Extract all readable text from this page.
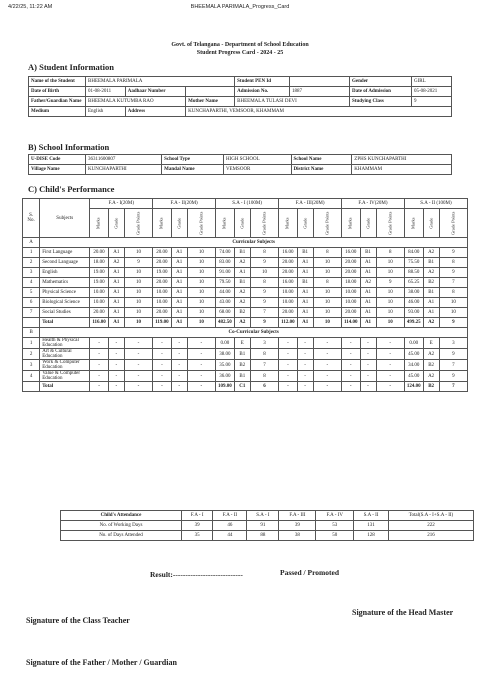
4/22/25, 11:22 AM	BHEEMALA PARIMALA_Progress_Card
Govt. of Telangana - Department of School Education
Student Progress Card - 2024 - 25
A) Student Information
Name of the Student	BHEEMALA PARIMALA			Student PEN Id		Gender	GIRL
Date of Birth	01-08-2011	Aadhaar Number		Admission No.	1887	Date of Admission	05-08-2021
Father/Guardian Name	BHEEMALA KUTUMBA RAO		Mother Name	BHEEMALA TULASI DEVI		Studying Class	9
Medium	English	Address	KUNCHAPARTHI, VEMSOOR, KHAMMAM				
B) School Information
U-DISE Code	36311600807	School Type	HIGH SCHOOL	School Name	ZPHS KUNCHAPARTHI
Village Name	KUNCHAPARTHI	Mandal Name	VEMSOOR	District Name	KHAMMAM
C) Child's Performance
S. No.	Subjects	F.A - I(20M)			F.A - II(20M)			S.A - I (100M)			F.A - III(20M)			F.A - IV(20M)			S.A - II (100M)		
		Marks	Grade	Grade Points	Marks	Grade	Grade Points	Marks	Grade	Grade Points	Marks	Grade	Grade Points	Marks	Grade	Grade Points	Marks	Grade	Grade Points
A	Curricular Subjects																		
1	First Language	20.00	A1	10	20.00	A1	10	74.00	B1	8	16.00	B1	8	16.00	B1	8	84.00	A2	9
2	Second Language	18.00	A2	9	20.00	A1	10	83.00	A2	9	20.00	A1	10	20.00	A1	10	75.50	B1	8
3	English	19.00	A1	10	19.00	A1	10	91.00	A1	10	20.00	A1	10	20.00	A1	10	88.50	A2	9
4	Mathematics	19.00	A1	10	20.00	A1	10	79.50	B1	8	16.00	B1	8	18.00	A2	9	65.25	B2	7
5	Physical Science	10.00	A1	10	10.00	A1	10	44.00	A2	9	10.00	A1	10	10.00	A1	10	38.00	B1	8
6	Biological Science	10.00	A1	10	10.00	A1	10	43.00	A2	9	10.00	A1	10	10.00	A1	10	46.00	A1	10
7	Social Studies	20.00	A1	10	20.00	A1	10	68.00	B2	7	20.00	A1	10	20.00	A1	10	93.00	A1	10
	Total	116.00	A1	10	119.00	A1	10	482.50	A2	9	112.00	A1	10	114.00	A1	10	499.25	A2	9
B	Co-Curricular Subjects																		
1	Health & Physical Education	-	-	-	-	-	-	0.00	E	3	-	-	-	-	-	-	0.00	E	3
2	Art & Cultural Education	-	-	-	-	-	-	38.00	B1	8	-	-	-	-	-	-	45.00	A2	9
3	Work & Computer Education	-	-	-	-	-	-	35.00	B2	7	-	-	-	-	-	-	34.00	B2	7
4	Value & Computer Education	-	-	-	-	-	-	36.00	B1	8	-	-	-	-	-	-	45.00	A2	9
	Total	-	-	-	-	-	-	109.00	C1	6	-	-	-	-	-	-	124.00	B2	7
Child's Attendance	F.A - I	F.A - II	S.A - I	F.A - III	F.A - IV	S.A - II	Total(S.A - I+S.A - II)
No. of Working Days	39	46	91	39	53	131	222
No. of Days Attended	35	44	88	38	50	128	216
Result:----------------------------	Passed / Promoted
Signature of the Head Master
Signature of the Class Teacher
Signature of the Father / Mother / Guardian
